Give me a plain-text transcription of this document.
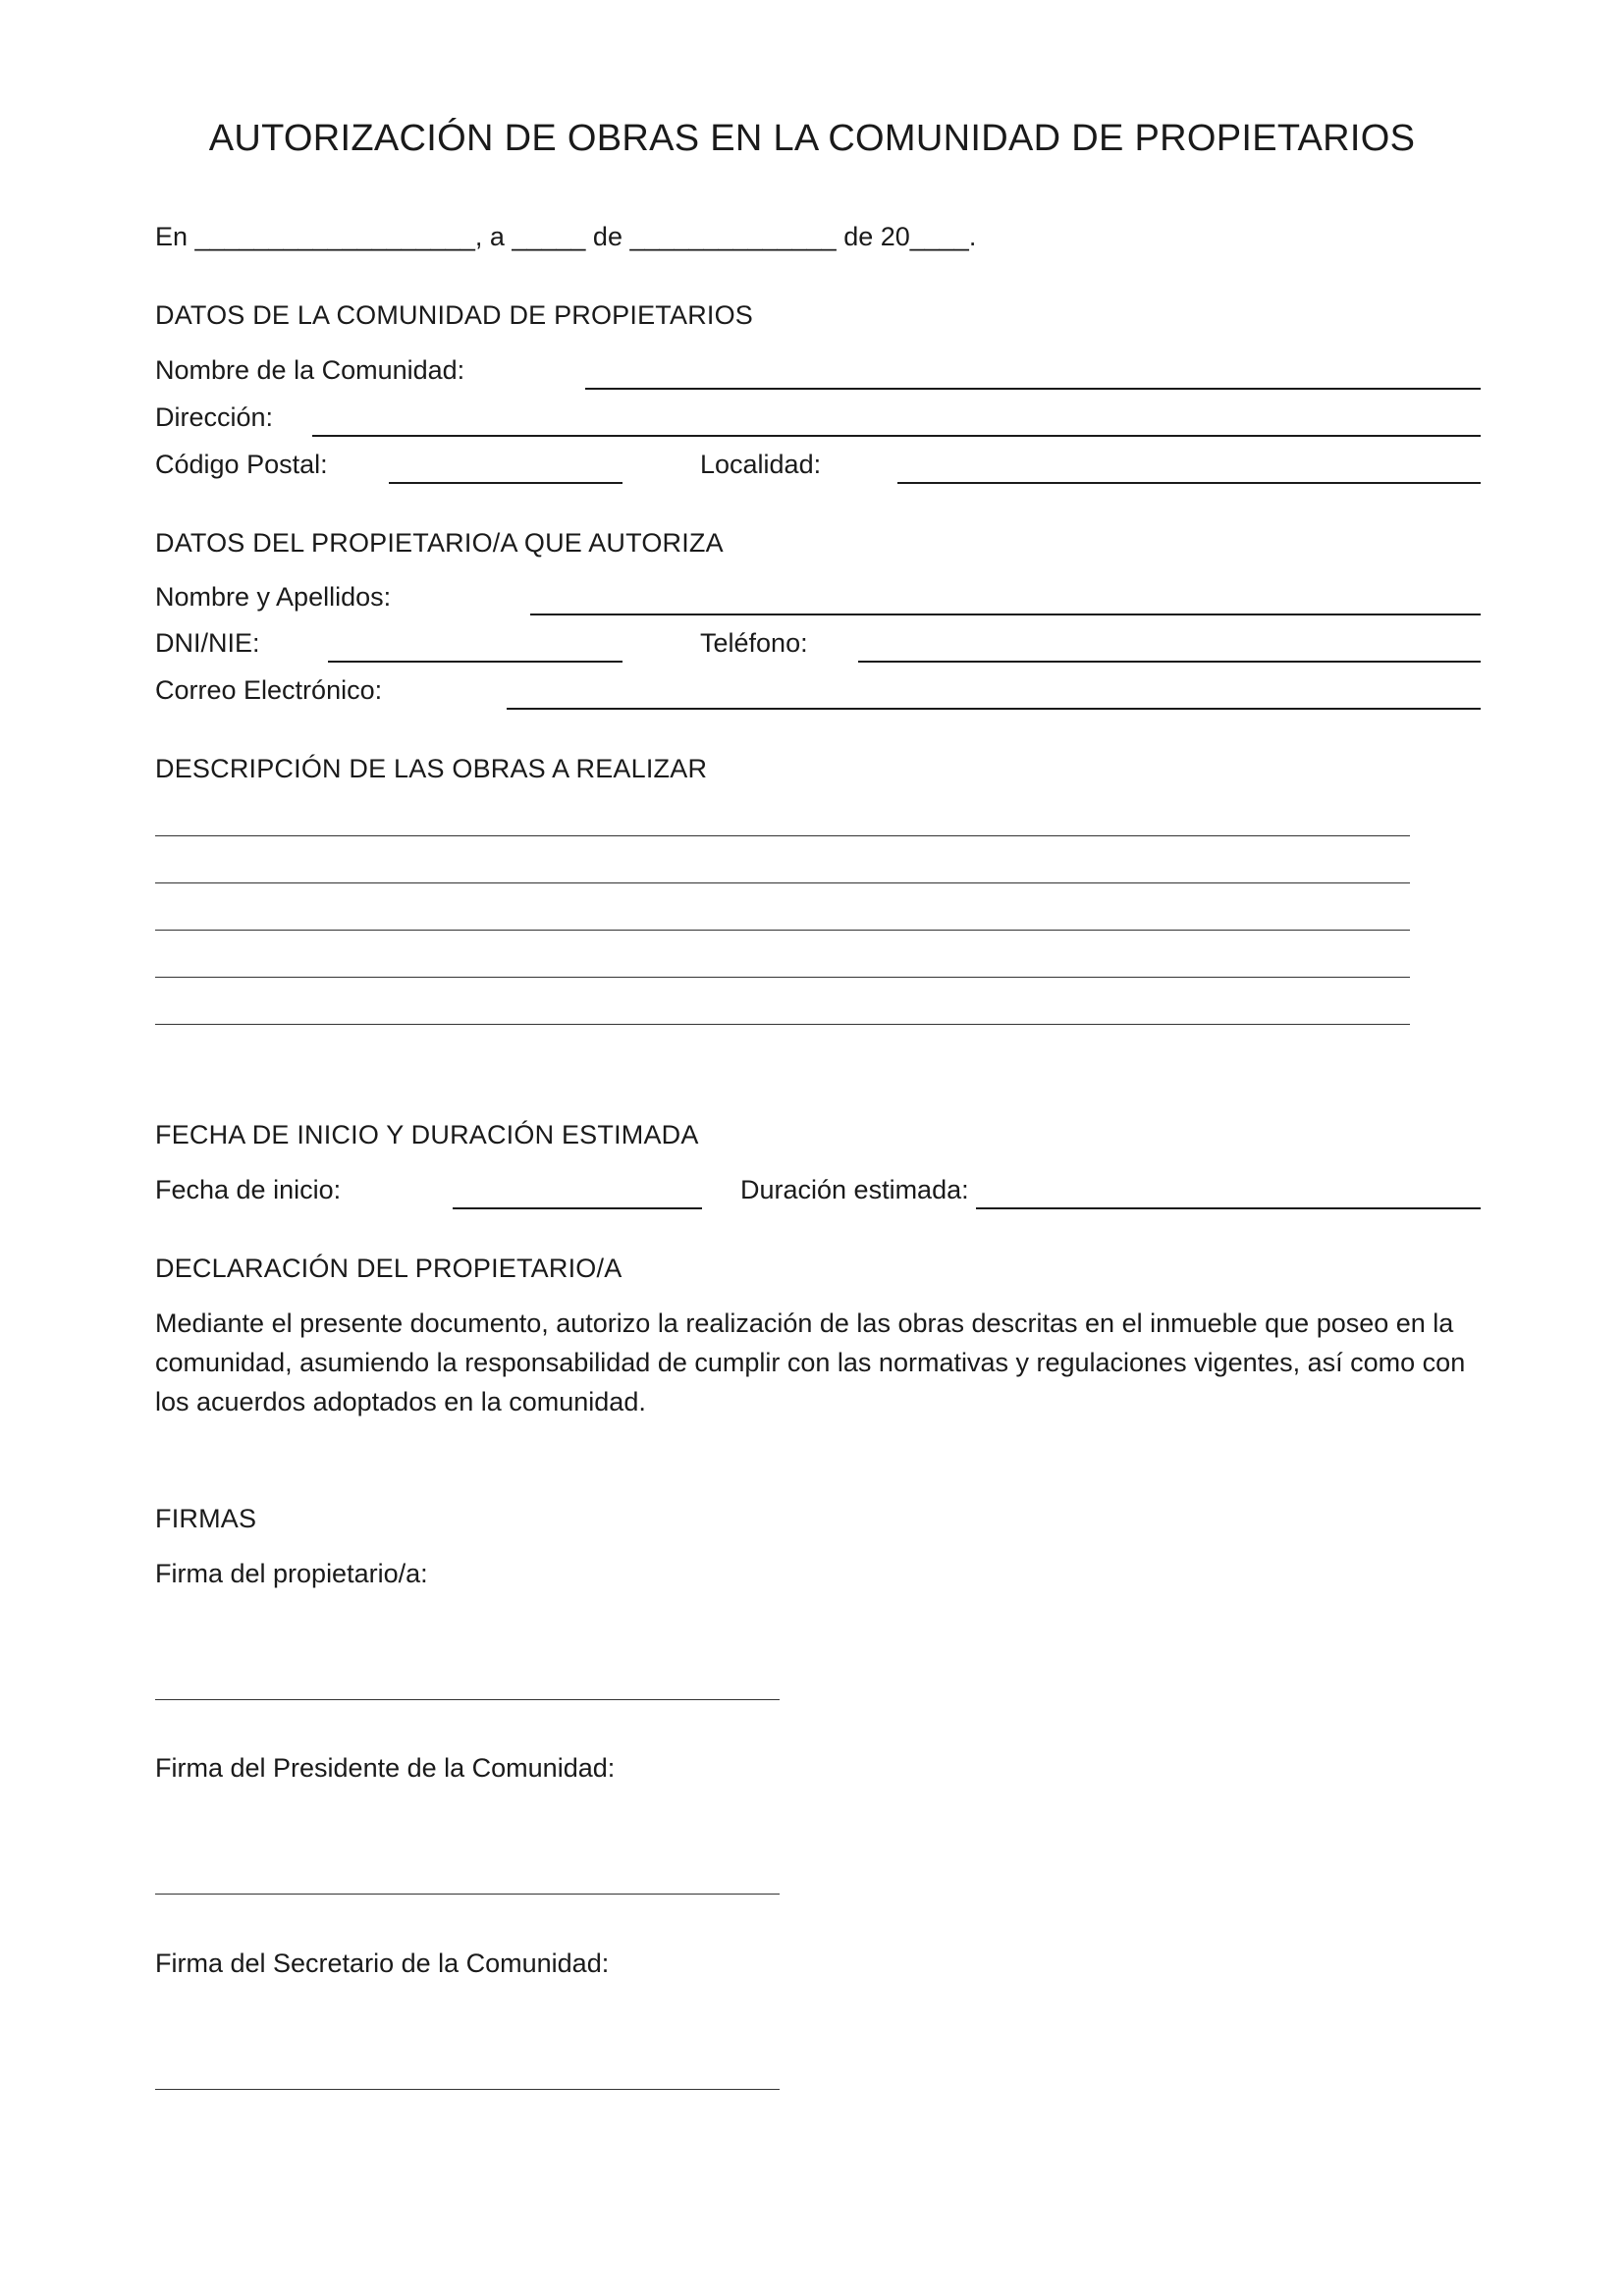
AUTORIZACIÓN DE OBRAS EN LA COMUNIDAD DE PROPIETARIOS
En ___________________, a _____ de ______________ de 20____.
DATOS DE LA COMUNIDAD DE PROPIETARIOS
Nombre de la Comunidad:
Dirección:
Código Postal:	Localidad:
DATOS DEL PROPIETARIO/A QUE AUTORIZA
Nombre y Apellidos:
DNI/NIE:	Teléfono:
Correo Electrónico:
DESCRIPCIÓN DE LAS OBRAS A REALIZAR
FECHA DE INICIO Y DURACIÓN ESTIMADA
Fecha de inicio:	Duración estimada:
DECLARACIÓN DEL PROPIETARIO/A
Mediante el presente documento, autorizo la realización de las obras descritas en el inmueble que poseo en la comunidad, asumiendo la responsabilidad de cumplir con las normativas y regulaciones vigentes, así como con los acuerdos adoptados en la comunidad.
FIRMAS
Firma del propietario/a:
Firma del Presidente de la Comunidad:
Firma del Secretario de la Comunidad:
